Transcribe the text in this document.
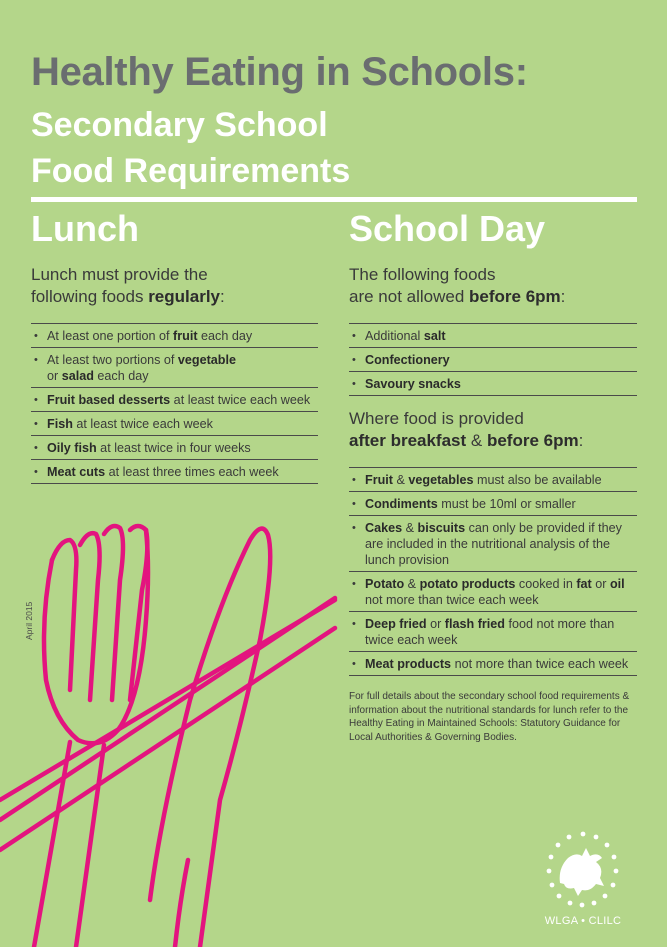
Healthy Eating in Schools:
Secondary School
Food Requirements
Lunch
Lunch must provide the
following foods regularly:
• At least one portion of fruit each day
• At least two portions of vegetable
or salad each day
• Fruit based desserts at least twice each week
• Fish at least twice each week
• Oily fish at least twice in four weeks
• Meat cuts at least three times each week
School Day
The following foods
are not allowed before 6pm:
• Additional salt
• Confectionery
• Savoury snacks
Where food is provided
after breakfast & before 6pm:
• Fruit & vegetables must also be available
• Condiments must be 10ml or smaller
• Cakes & biscuits can only be provided if they are included in the nutritional analysis of the lunch provision
• Potato & potato products cooked in fat or oil not more than twice each week
• Deep fried or flash fried food not more than twice each week
• Meat products not more than twice each week
For full details about the secondary school food requirements & information about the nutritional standards for lunch refer to the Healthy Eating in Maintained Schools: Statutory Guidance for Local Authorities & Governing Bodies.
April 2015
WLGA • CLILC
